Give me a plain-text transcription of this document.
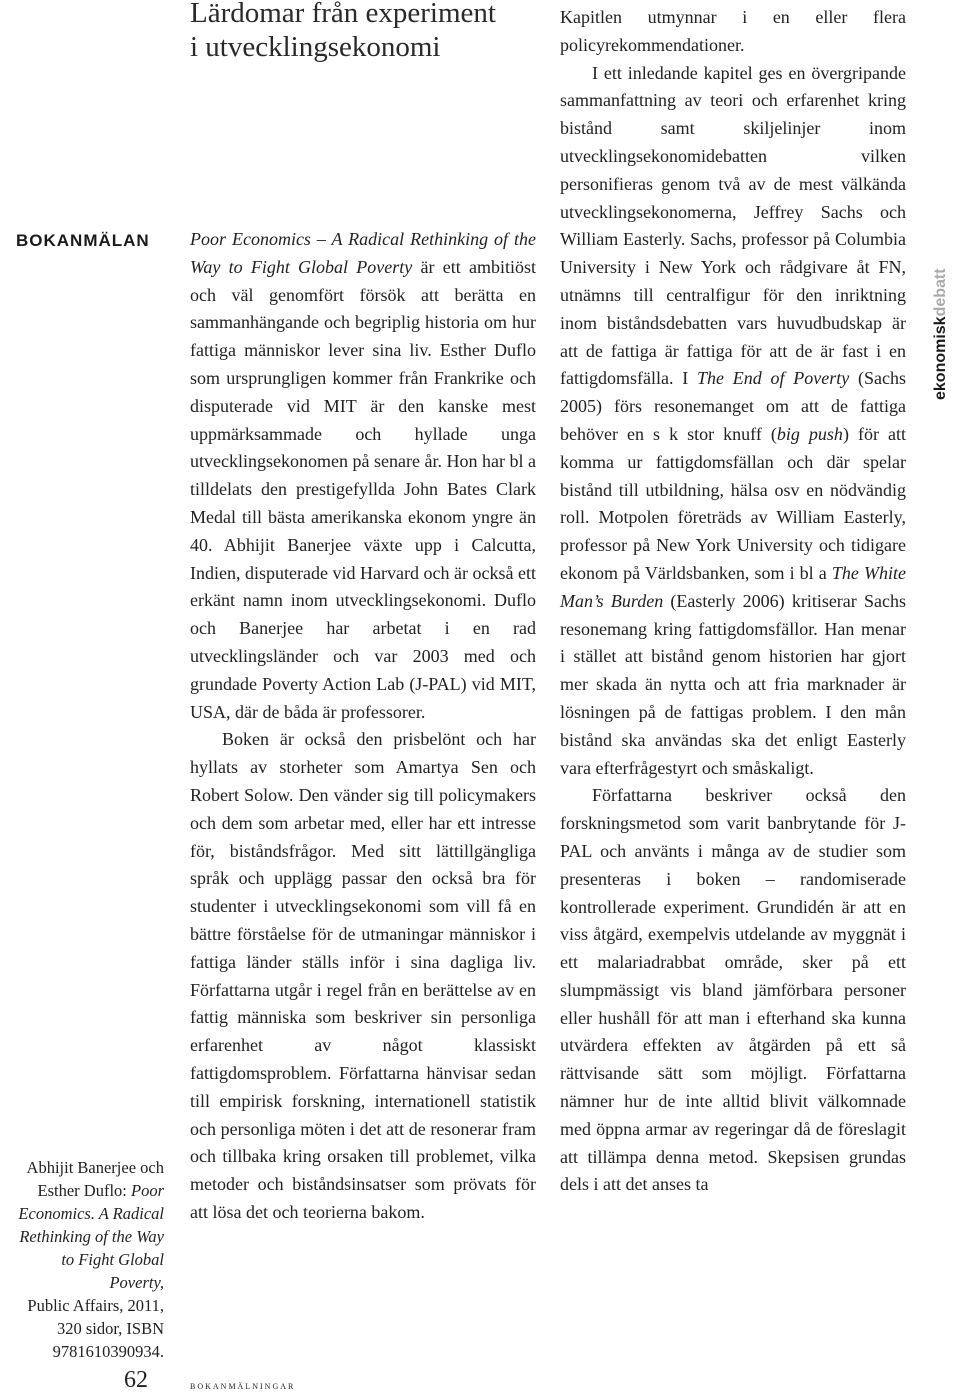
BOKANMÄLAN
Lärdomar från experiment
i utvecklingsekonomi

Poor Economics – A Radical Rethinking of the Way to Fight Global Poverty är ett ambitiöst och väl genomfört försök att berätta en sammanhängande och begriplig historia om hur fattiga människor lever sina liv. Esther Duflo som ursprungligen kommer från Frankrike och disputerade vid MIT är den kanske mest uppmärksammade och hyllade unga utvecklingsekonomen på senare år. Hon har bl a tilldelats den prestigefyllda John Bates Clark Medal till bästa amerikanska ekonom yngre än 40. Abhijit Banerjee växte upp i Calcutta, Indien, disputerade vid Harvard och är också ett erkänt namn inom utvecklingsekonomi. Duflo och Banerjee har arbetat i en rad utvecklingsländer och var 2003 med och grundade Poverty Action Lab (J-PAL) vid MIT, USA, där de båda är professorer.

Boken är också den prisbelönt och har hyllats av storheter som Amartya Sen och Robert Solow. Den vänder sig till policymakers och dem som arbetar med, eller har ett intresse för, biståndsfrågor. Med sitt lättillgängliga språk och upplägg passar den också bra för studenter i utvecklingsekonomi som vill få en bättre förståelse för de utmaningar människor i fattiga länder ställs inför i sina dagliga liv. Författarna utgår i regel från en berättelse av en fattig människa som beskriver sin personliga erfarenhet av något klassiskt fattigdomsproblem. Författarna hänvisar sedan till empirisk forskning, internationell statistik och personliga möten i det att de resonerar fram och tillbaka kring orsaken till problemet, vilka metoder och biståndsinsatser som prövats för att lösa det och teorierna bakom.

Kapitlen utmynnar i en eller flera policyrekommendationer.

I ett inledande kapitel ges en övergripande sammanfattning av teori och erfarenhet kring bistånd samt skiljelinjer inom utvecklingsekonomidebatten vilken personifieras genom två av de mest välkända utvecklingsekonomerna, Jeffrey Sachs och William Easterly. Sachs, professor på Columbia University i New York och rådgivare åt FN, utnämns till centralfigur för den inriktning inom biståndsdebatten vars huvudbudskap är att de fattiga är fattiga för att de är fast i en fattigdomsfälla. I The End of Poverty (Sachs 2005) förs resonemanget om att de fattiga behöver en s k stor knuff (big push) för att komma ur fattigdomsfällan och där spelar bistånd till utbildning, hälsa osv en nödvändig roll. Motpolen företräds av William Easterly, professor på New York University och tidigare ekonom på Världsbanken, som i bl a The White Man’s Burden (Easterly 2006) kritiserar Sachs resonemang kring fattigdomsfällor. Han menar i stället att bistånd genom historien har gjort mer skada än nytta och att fria marknader är lösningen på de fattigas problem. I den mån bistånd ska användas ska det enligt Easterly vara efterfrågestyrt och småskaligt.

Författarna beskriver också den forskningsmetod som varit banbrytande för J-PAL och använts i många av de studier som presenteras i boken – randomiserade kontrollerade experiment. Grundidén är att en viss åtgärd, exempelvis utdelande av myggnät i ett malariadrabbat område, sker på ett slumpmässigt vis bland jämförbara personer eller hushåll för att man i efterhand ska kunna utvärdera effekten av åtgärden på ett så rättvisande sätt som möjligt. Författarna nämner hur de inte alltid blivit välkomnade med öppna armar av regeringar då de föreslagit att tillämpa denna metod. Skepsisen grundas dels i att det anses ta

Abhijit Banerjee och
Esther Duflo: Poor
Economics. A Radical
Rethinking of the Way
to Fight Global Poverty,
Public Affairs, 2011,
320 sidor, ISBN
9781610390934.
ekonomiskdebatt
62	bokanmälningar
